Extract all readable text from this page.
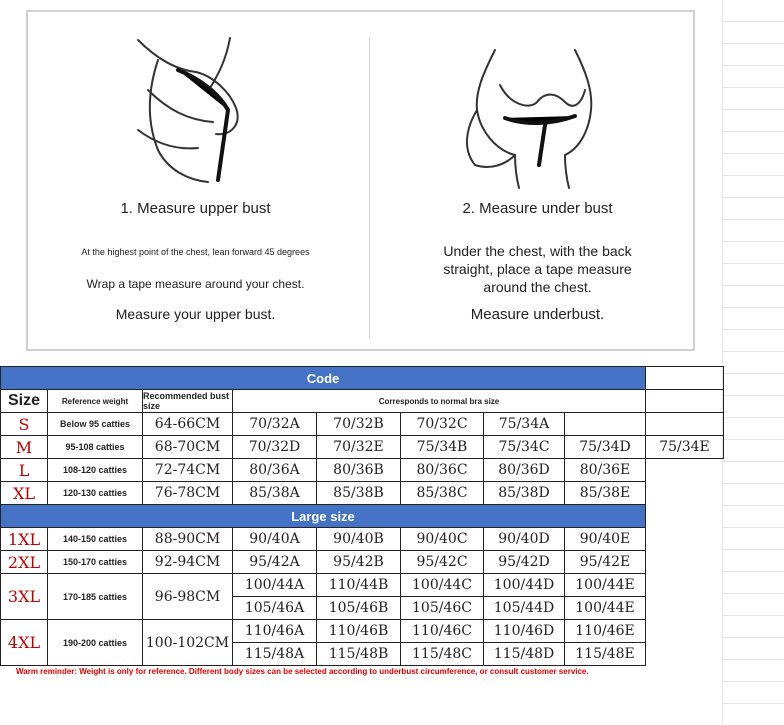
1. Measure upper bust
At the highest point of the chest, lean forward 45 degrees
Wrap a tape measure around your chest.
Measure your upper bust.
2. Measure under bust
Under the chest, with the back straight, place a tape measure around the chest.
Measure underbust.
Code								
Size	Reference weight	Recommended bust size	Corresponds to normal bra size					
S	Below 95 catties	64-66CM	70/32A	70/32B	70/32C	75/34A		
M	95-108 catties	68-70CM	70/32D	70/32E	75/34B	75/34C	75/34D	75/34E
L	108-120 catties	72-74CM	80/36A	80/36B	80/36C	80/36D	80/36E	
XL	120-130 catties	76-78CM	85/38A	85/38B	85/38C	85/38D	85/38E	
Large size								
1XL	140-150 catties	88-90CM	90/40A	90/40B	90/40C	90/40D	90/40E	
2XL	150-170 catties	92-94CM	95/42A	95/42B	95/42C	95/42D	95/42E	
3XL	170-185 catties	96-98CM	100/44A	110/44B	100/44C	100/44D	100/44E	
			105/46A	105/46B	105/46C	105/44D	100/44E	
4XL	190-200 catties	100-102CM	110/46A	110/46B	110/46C	110/46D	110/46E	
			115/48A	115/48B	115/48C	115/48D	115/48E	
Warm reminder: Weight is only for reference. Different body sizes can be selected according to underbust circumference, or consult customer service.
